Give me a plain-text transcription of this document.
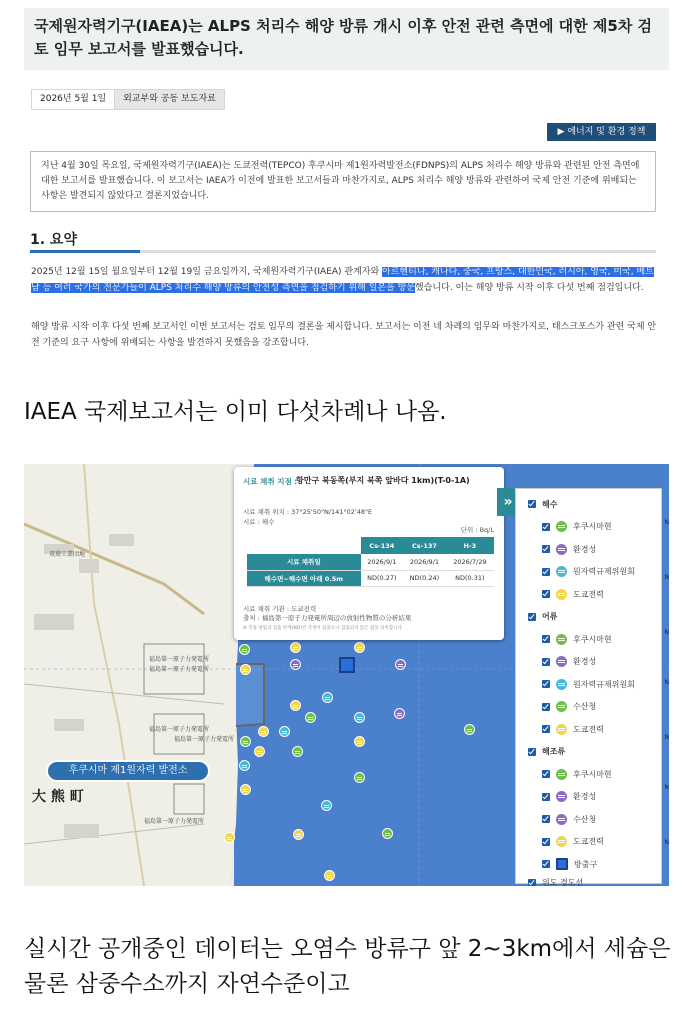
국제원자력기구(IAEA)는 ALPS 처리수 해양 방류 개시 이후 안전 관련 측면에 대한 제5차 검토 임무 보고서를 발표했습니다.
2026년 5월 1일	외교부와 공동 보도자료
▶ 에너지 및 환경 정책
지난 4월 30일 목요일, 국제원자력기구(IAEA)는 도쿄전력(TEPCO) 후쿠시마 제1원자력발전소(FDNPS)의 ALPS 처리수 해양 방류와 관련된 안전 측면에 대한 보고서를 발표했습니다. 이 보고서는 IAEA가 이전에 발표한 보고서들과 마찬가지로, ALPS 처리수 해양 방류와 관련하여 국제 안전 기준에 위배되는 사항은 발견되지 않았다고 결론지었습니다.
1. 요약
2025년 12월 15일 월요일부터 12월 19일 금요일까지, 국제원자력기구(IAEA) 관계자와 아르헨티나, 캐나다, 중국, 프랑스, 대한민국, 러시아, 영국, 미국, 베트남 등 여러 국가의 전문가들이 ALPS 처리수 해양 방류의 안전성 측면을 점검하기 위해 일본을 방문했습니다. 이는 해양 방류 시작 이후 다섯 번째 점검입니다.
해양 방류 시작 이후 다섯 번째 보고서인 이번 보고서는 검토 임무의 결론을 제시합니다. 보고서는 이전 네 차례의 임무와 마찬가지로, 태스크포스가 관련 국제 안전 기준의 요구 사항에 위배되는 사항을 발견하지 못했음을 강조합니다.
IAEA 국제보고서는 이미 다섯차례나 나옴.
双葉工業団地
福島第一原子力発電所
福島第一原子力発電所
福島第一原子力発電所
福島第一原子力発電所
福島第一原子力発電所
후쿠시마 제1원자력 발전소
大 熊 町
시료 채취 지점 :
항만구 북동쪽(부지 북쪽 앞바다 1km)(T-0-1A)
시료 채취 위치 : 37°25'50"N/141°02'48"E
시료 : 해수
단위 : Bq/L
	Cs-134	Cs-137	H-3
시료 채취일	2026/9/1	2026/9/1	2026/7/29
해수면~해수면 아래 0.5m	ND(0.27)	ND(0.24)	ND(0.31)
시료 채취 기관 : 도쿄전력
출처 : 福島第一原子力発電所周辺の放射性物質の分析結果
※ 측정 방법과 검출 한계(ND)란 측정이 되었으나 검출되지 않은 값을 의미합니다.
»	해수
후쿠시마현
환경성
원자력규제위원회
도쿄전력
어류
후쿠시마현
환경성
원자력규제위원회
수산청
도쿄전력
해조류
후쿠시마현
환경성
수산청
도쿄전력
방출구
위도 경도선
N
N
N
N
N
N
N
실시간 공개중인 데이터는 오염수 방류구 앞 2~3km에서 세슘은 물론 삼중수소까지 자연수준이고
